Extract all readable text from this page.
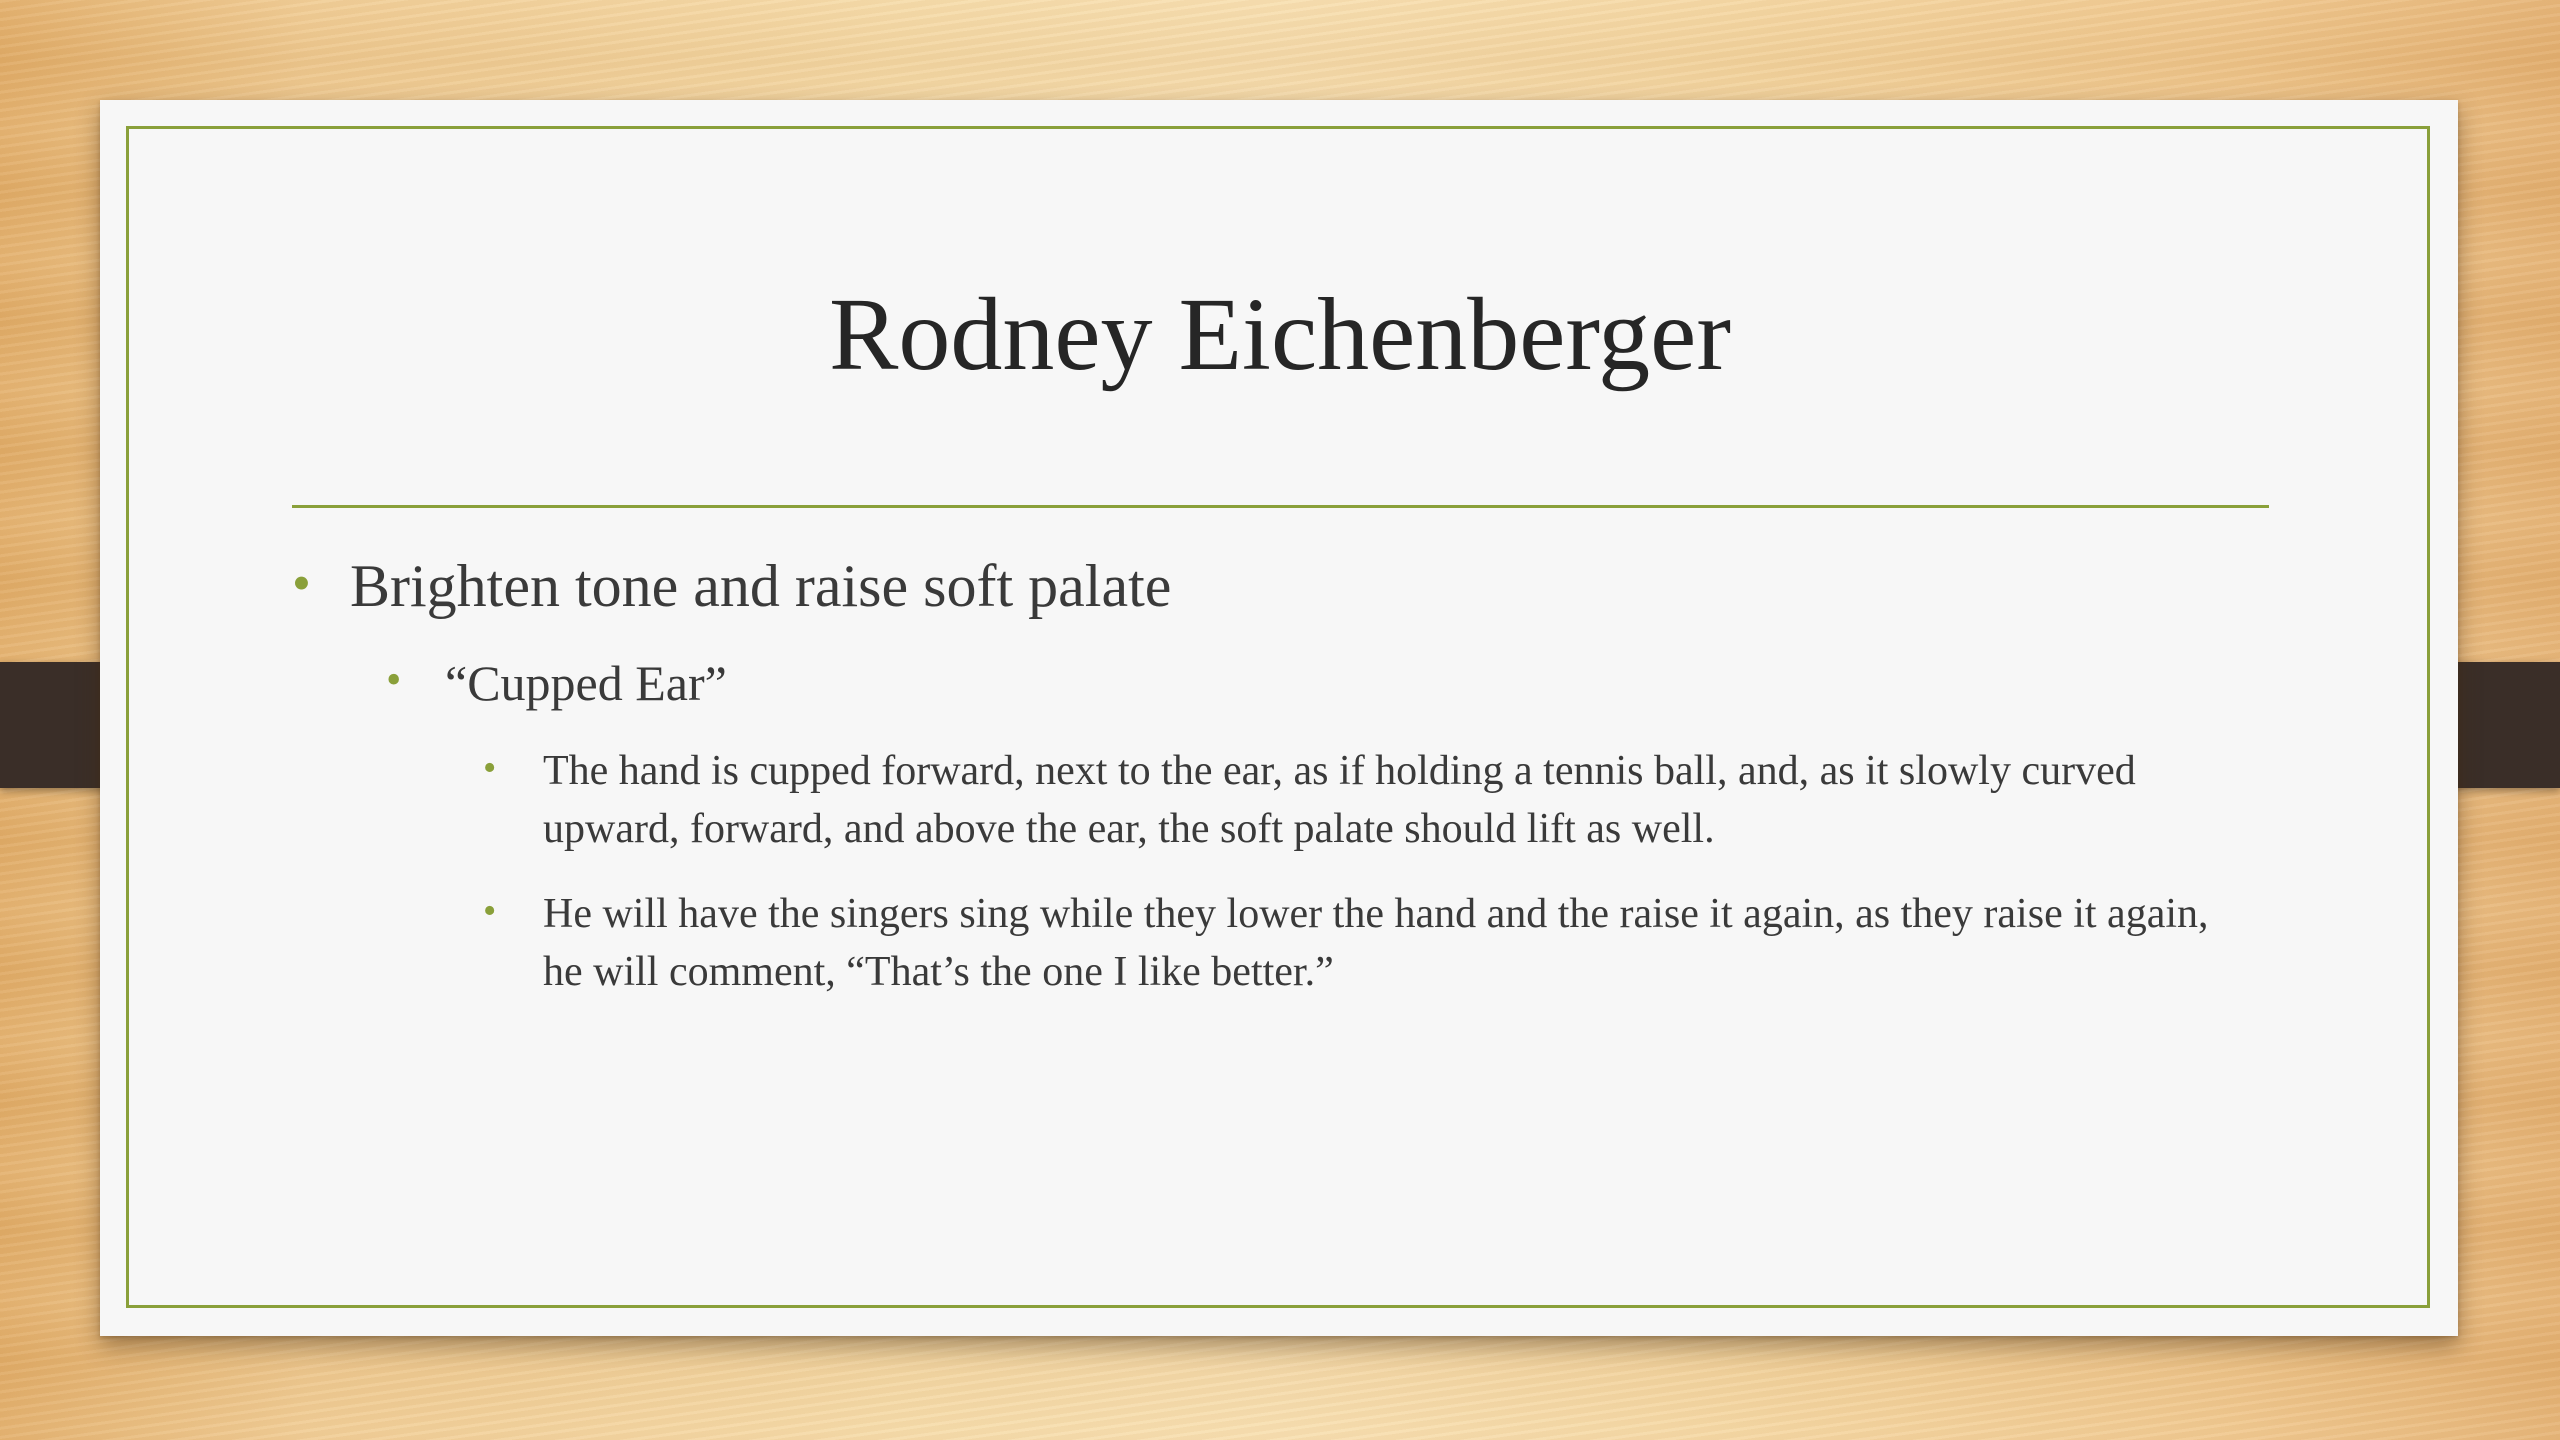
Rodney Eichenberger
• Brighten tone and raise soft palate
• “Cupped Ear”
• The hand is cupped forward, next to the ear, as if holding a tennis ball, and, as it slowly curved upward, forward, and above the ear, the soft palate should lift as well.
• He will have the singers sing while they lower the hand and the raise it again, as they raise it again, he will comment, “That’s the one I like better.”
